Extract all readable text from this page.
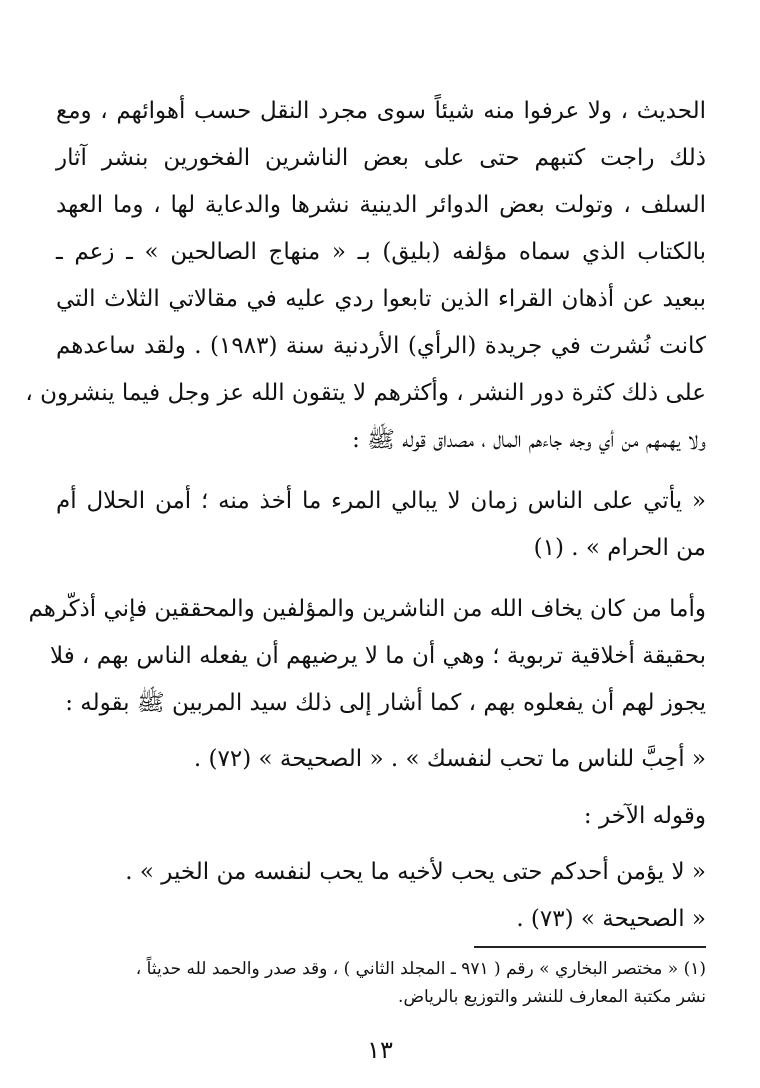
الحديث ، ولا عرفوا منه شيئاً سوى مجرد النقل حسب أهوائهم ، ومع
ذلك راجت كتبهم حتى على بعض الناشرين الفخورين بنشر آثار
السلف ، وتولت بعض الدوائر الدينية نشرها والدعاية لها ، وما العهد
بالكتاب الذي سماه مؤلفه (بليق) بـ « منهاج الصالحين » ـ زعم ـ
ببعيد عن أذهان القراء الذين تابعوا ردي عليه في مقالاتي الثلاث التي
كانت نُشرت في جريدة (الرأي) الأردنية سنة (١٩٨٣) . ولقد ساعدهم
على ذلك كثرة دور النشر ، وأكثرهم لا يتقون الله عز وجل فيما ينشرون ،
ولا يهمهم من أي وجه جاءهم المال ، مصداق قوله ﷺ :
« يأتي على الناس زمان لا يبالي المرء ما أخذ منه ؛ أمن الحلال أم
من الحرام » . (١)
وأما من كان يخاف الله من الناشرين والمؤلفين والمحققين فإني أذكّرهم
بحقيقة أخلاقية تربوية ؛ وهي أن ما لا يرضيهم أن يفعله الناس بهم ، فلا
يجوز لهم أن يفعلوه بهم ، كما أشار إلى ذلك سيد المربين ﷺ بقوله :
« أحِبَّ للناس ما تحب لنفسك » . « الصحيحة » (٧٢) .
وقوله الآخر :
« لا يؤمن أحدكم حتى يحب لأخيه ما يحب لنفسه من الخير » .
« الصحيحة » (٧٣) .
(١) « مختصر البخاري » رقم ( ٩٧١ ـ المجلد الثاني ) ، وقد صدر والحمد لله حديثاً ،
نشر مكتبة المعارف للنشر والتوزيع بالرياض.
١٣
